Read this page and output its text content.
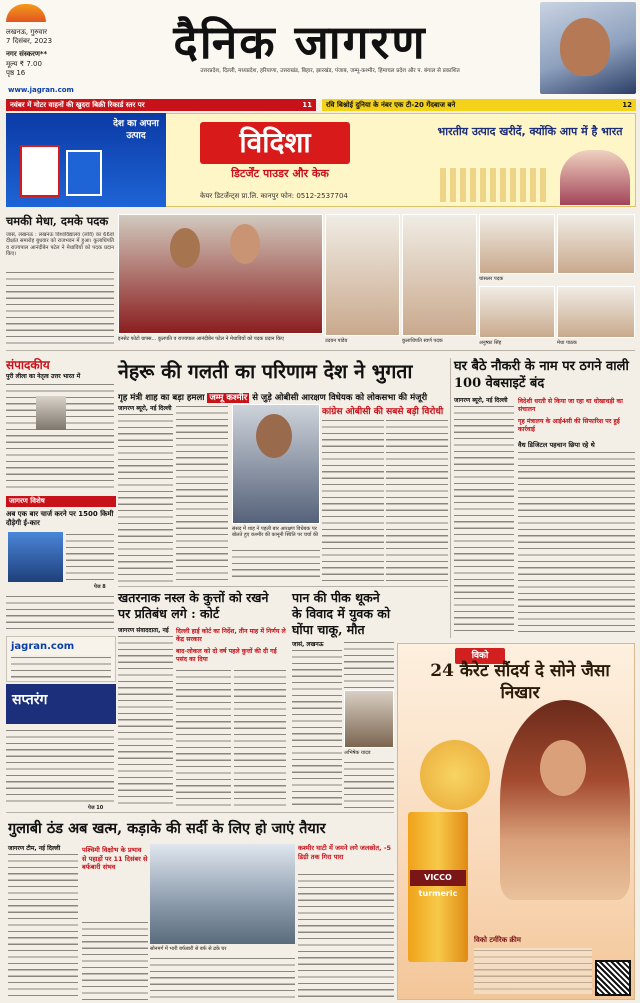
लखनऊ, गुरुवार
7 दिसंबर, 2023
नगर संस्करण**
मूल्य ₹ 7.00
पृष्ठ 16
दैनिक जागरण
उत्तरप्रदेश, दिल्ली, मध्यप्रदेश, हरियाणा, उत्तराखंड, बिहार, झारखंड, पंजाब, जम्मू-कश्मीर, हिमाचल प्रदेश और प. बंगाल से प्रकाशित
www.jagran.com
नवंबर में मोटर वाहनों की खुदरा बिक्री रिकार्ड स्तर पर	11	रवि बिश्नोई दुनिया के नंबर एक टी-20 गेंदबाज बने	12
देश का अपना उत्पाद	विदिशा
डिटर्जेंट पाउडर और केक
केयर डिटर्जेन्ट्स प्रा.लि. कानपुर फोन: 0512-2537704
भारतीय उत्पाद खरीदें, क्योंकि आप में है भारत
चमकी मेधा, दमके पदक
जासं, लखनऊ : लखनऊ विश्वविद्यालय (लवि) का 66वां दीक्षांत समारोह बुधवार को राजभवन में हुआ। कुलाधिपति व राज्यपाल आनंदीबेन पटेल ने मेधावियों को पदक प्रदान किए।
इनसेट फोटो ग्राफ्स... कुलपति व राज्यपाल आनंदीबेन पटेल ने मेधावियों को पदक प्रदान किए	उदयन पांडेय	कुलाधिपति स्वर्ण पदक
चांसलर पदक
अनुष्का सिंह	मेधा पाठक
संपादकीय
पुरी लीला का नेतृत्व उत्तर भारत में
जागरण विशेष
अब एक बार चार्ज करने पर 1500 किमी दौड़ेगी ई-कार
पेज 8
jagran.com
सप्तरंग
पेज 10
नेहरू की गलती का परिणाम देश ने भुगता
गृह मंत्री शाह का बड़ा हमला जम्मू कश्मीर से जुड़े ओबीसी आरक्षण विधेयक को लोकसभा की मंजूरी
जागरण ब्यूरो, नई दिल्ली
संसद में शाह ने पहली बार आरक्षण विधेयक पर बोलते हुए कश्मीर की कानूनी स्थिति पर चर्चा की
कांग्रेस ओबीसी की सबसे बड़ी विरोधी
घर बैठे नौकरी के नाम पर ठगने वाली 100 वेबसाइटें बंद
जागरण ब्यूरो, नई दिल्ली	विदेशी धरती से किया जा रहा था धोखाधड़ी का संचालन
गृह मंत्रालय के आई4सी की सिफारिश पर हुई कार्रवाई
वैध डिजिटल पहचान छिपा रहे थे
खतरनाक नस्ल के कुत्तों को रखने पर प्रतिबंध लगे : कोर्ट
जागरण संवाददाता, नई	दिल्ली हाई कोर्ट का निर्देश, तीन माह में निर्णय ले केंद्र सरकार
बाद-लोकल को दो वर्ष पहले कुत्तों की दी गई पसंद का दिया
पान की पीक थूकने के विवाद में युवक को घोंपा चाकू, मौत
जासं, लखनऊ
अभिषेक यादव
विको
24 कैरेट सौंदर्य दे सोने जैसा निखार
VICCO turmeric
विको टर्मरिक क्रीम
गुलाबी ठंड अब खत्म, कड़ाके की सर्दी के लिए हो जाएं तैयार
जागरण टीम, नई दिल्ली	पश्चिमी विक्षोभ के प्रभाव से पहाड़ों पर 11 दिसंबर से बर्फबारी संभव
सोनमर्ग में भारी बर्फबारी से बर्फ से ढके घर
कश्मीर घाटी में जमने लगे जलस्रोत, -5 डिग्री तक गिरा पारा
